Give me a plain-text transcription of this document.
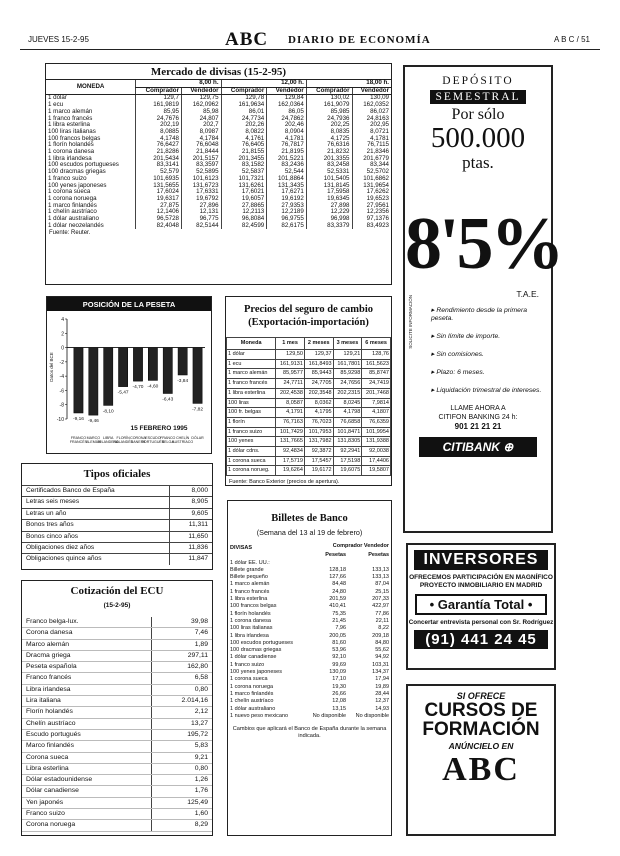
JUEVES 15-2-95	ABC DIARIO DE ECONOMÍA	A B C / 51
Mercado de divisas (15-2-95)
MONEDA	8,00 h.		12,00 h.		18,00 h.	
	Comprador	Vendedor	Comprador	Vendedor	Comprador	Vendedor
1 dólar	129,7	129,75	129,78	129,84	130,02	130,09
1 ecu	161,9819	162,0962	161,9634	162,0364	161,9079	162,0352
1 marco alemán	85,95	85,98	86,01	86,05	85,985	86,027
1 franco francés	24,7676	24,807	24,7734	24,7862	24,7936	24,8163
1 libra esterlina	202,19	202,7	202,26	202,46	202,25	202,95
100 liras italianas	8,0885	8,0987	8,0822	8,0904	8,0835	8,0721
100 francos belgas	4,1748	4,1784	4,1761	4,1781	4,1725	4,1781
1 florín holandés	76,6427	76,6048	76,6405	76,7817	76,6316	76,7115
1 corona danesa	21,8286	21,8444	21,8155	21,8195	21,8232	21,8346
1 libra irlandesa	201,5434	201,5157	201,3455	201,5221	201,3355	201,6779
100 escudos portugueses	83,3141	83,3597	83,1582	83,2436	83,2458	83,344
100 dracmas griegas	52,579	52,5895	52,5837	52,544	52,5331	52,5702
1 franco suizo	101,6935	101,6123	101,7321	101,8864	101,5405	101,6862
100 yenes japoneses	131,5655	131,6723	131,6261	131,3435	131,8145	131,9654
1 corona sueca	17,6024	17,6331	17,6021	17,6271	17,5958	17,6262
1 corona noruega	19,6317	19,6792	19,6057	19,6192	19,6345	19,6523
1 marco finlandés	27,875	27,896	27,8865	27,9353	27,898	27,9561
1 chelín austríaco	12,1406	12,131	12,2113	12,2189	12,229	12,2356
1 dólar australiano	96,5728	96,775	96,8084	96,9755	96,998	97,1376
1 dólar neozelandés	82,4048	82,5144	82,4599	82,6175	83,3379	83,4923
Fuente: Reuter.
POSICIÓN DE LA PESETA
4
2
0
-2
-4
-6
-8
-10
Datos del BCE
-9,16
FRANCO FRANCÉS
-9,46
MARCO ALEMÁN
-8,10
LIBRA IRLANDESA
-5,47
FLORÍN HOLANDÉS
-4,70
CORONA DANESA
-4,60
ESCUDO PORTUGUÉS
-6,43
FRANCO BELGA
-3,84
CHELÍN AUSTRÍACO
-7,82
DÓLAR
15 FEBRERO 1995
Precios del seguro de cambio (Exportación-importación)
Moneda	1 mes	2 meses	3 meses	6 meses
1 dólar	129,50	129,37	129,21	128,76
1 ecu	161,9131	161,8493	161,7801	161,5623
1 marco alemán	85,9577	85,9443	85,9298	85,8747
1 franco francés	24,7711	24,7705	24,7656	24,7419
1 libra esterlina	202,4538	202,3548	202,2315	201,7468
100 liras	8,0587	8,0362	8,0245	7,9814
100 fr. belgas	4,1791	4,1795	4,1798	4,1807
1 florín	76,7163	76,7023	76,6858	76,6359
1 franco suizo	101,7429	101,7953	101,8471	101,9954
100 yenes	131,7665	131,7982	131,8305	131,9388
1 dólar cdns.	92,4834	92,3872	92,2941	92,0038
1 corona sueca	17,5719	17,5457	17,5198	17,4406
1 corona norueg.	19,6264	19,6172	19,6075	19,5807
Fuente: Banco Exterior (precios de apertura).
Tipos oficiales
Certificados Banco de España	8,000
Letras seis meses	8,905
Letras un año	9,605
Bonos tres años	11,311
Bonos cinco años	11,650
Obligaciones diez años	11,836
Obligaciones quince años	11,847
Cotización del ECU
(15-2-95)
Franco belga-lux.	39,98
Corona danesa	7,46
Marco alemán	1,89
Dracma griega	297,11
Peseta española	162,80
Franco francés	6,58
Libra irlandesa	0,80
Lira italiana	2.014,16
Florín holandés	2,12
Chelín austríaco	13,27
Escudo portugués	195,72
Marco finlandés	5,83
Corona sueca	9,21
Libra esterlina	0,80
Dólar estadounidense	1,26
Dólar canadiense	1,76
Yen japonés	125,49
Franco suizo	1,60
Corona noruega	8,29
Billetes de Banco
(Semana del 13 al 19 de febrero)
DIVISAS	Comprador Vendedor	
	Pesetas	Pesetas
1 dólar EE. UU.:		
Billete grande	128,18	133,13
Billete pequeño	127,66	133,13
1 marco alemán	84,48	87,04
1 franco francés	24,80	25,15
1 libra esterlina	201,59	207,33
100 francos belgas	410,41	422,97
1 florín holandés	75,35	77,86
1 corona danesa	21,45	22,11
100 liras italianas	7,96	8,22
1 libra irlandesa	200,05	209,18
100 escudos portugueses	81,60	84,80
100 dracmas griegas	53,96	55,62
1 dólar canadiense	92,10	94,92
1 franco suizo	99,69	103,31
100 yenes japoneses	130,09	134,37
1 corona sueca	17,10	17,94
1 corona noruega	19,30	19,89
1 marco finlandés	26,66	28,44
1 chelín austríaco	12,08	12,37
1 dólar australiano	13,15	14,93
1 nuevo peso mexicano	No disponible	No disponible
Cambios que aplicará el Banco de España durante la semana indicada.
DEPÓSITO
SEMESTRAL
Por sólo
500.000
ptas.
8'5%
T.A.E.
▸ Rendimiento desde la primera peseta.
▸ Sin límite de importe.
▸ Sin comisiones.
▸ Plazo: 6 meses.
▸ Liquidación trimestral de intereses.
LLAME AHORA A
CITIFON BANKING 24 h:
901 21 21 21
CITIBANK ⊕
SOLICITE INFORMACIÓN
INVERSORES
OFRECEMOS PARTICIPACIÓN EN MAGNÍFICO PROYECTO INMOBILIARIO EN MADRID
• Garantía Total •
Concertar entrevista personal con Sr. Rodríguez
(91) 441 24 45
SI OFRECE
CURSOS DE FORMACIÓN
ANÚNCIELO EN
ABC
